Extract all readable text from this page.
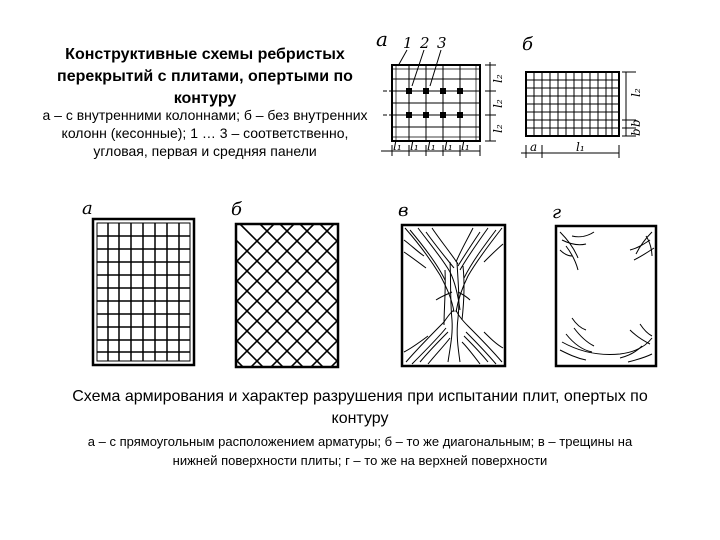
Конструктивные схемы ребристых перекрытий с плитами, опертыми по контуру
а – с внутренними колоннами; б – без внутренних колонн (кесонные); 1 … 3 – соответственно, угловая, первая и средняя панели
а 1 2 3
l₁ l₁ l₁ l₁ l₁
l₂
l₂
l₂
б
a	l₁
l₂
b
b
а	б	в	г
Схема армирования и характер разрушения при испытании плит, опертых по контуру
а – с прямоугольным расположением арматуры; б – то же диагональным; в – трещины на нижней поверхности плиты; г – то же на верхней поверхности
